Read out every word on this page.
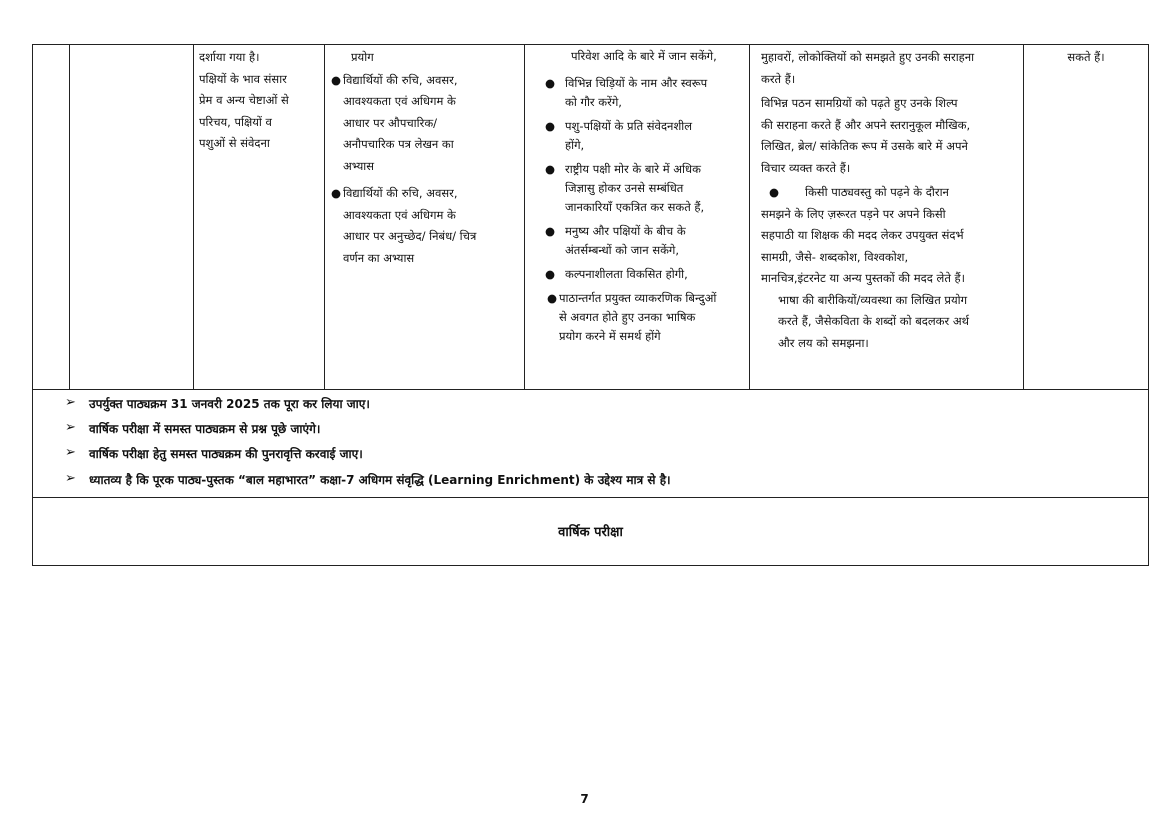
दर्शाया गया है।

पक्षियों के भाव संसार

प्रेम व अन्य चेष्टाओं से

परिचय, पक्षियों व

पशुओं से संवेदना

प्रयोग

● विद्यार्थियों की रुचि, अवसर,

आवश्यकता एवं अधिगम के

आधार पर औपचारिक/

अनौपचारिक पत्र लेखन का

अभ्यास

● विद्यार्थियों की रुचि, अवसर,

आवश्यकता एवं अधिगम के

आधार पर अनुच्छेद/ निबंध/ चित्र

वर्णन का अभ्यास

परिवेश आदि के बारे में जान सकेंगे,

● विभिन्न चिड़ियों के नाम और स्वरूप

को गौर करेंगे,

● पशु-पक्षियों के प्रति संवेदनशील

होंगे,

● राष्ट्रीय पक्षी मोर के बारे में अधिक

जिज्ञासु होकर उनसे सम्बंधित

जानकारियाँ एकत्रित कर सकते हैं,

● मनुष्य और पक्षियों के बीच के

अंतर्सम्बन्धों को जान सकेंगे,

● कल्पनाशीलता विकसित होगी,

● पाठान्तर्गत प्रयुक्त व्याकरणिक बिन्दुओं

से अवगत होते हुए उनका भाषिक

प्रयोग करने में समर्थ होंगे

मुहावरों, लोकोक्तियों को समझते हुए उनकी सराहना

करते हैं।

विभिन्न पठन सामग्रियों को पढ़ते हुए उनके शिल्प

की सराहना करते हैं और अपने स्तरानुकूल मौखिक,

लिखित, ब्रेल/ सांकेतिक रूप में उसके बारे में अपने

विचार व्यक्त करते हैं।

●	किसी पाठ्यवस्तु को पढ़ने के दौरान

समझने के लिए ज़रूरत पड़ने पर अपने किसी

सहपाठी या शिक्षक की मदद लेकर उपयुक्त संदर्भ

सामग्री, जैसे- शब्दकोश, विश्वकोश,

मानचित्र,इंटरनेट या अन्य पुस्तकों की मदद लेते हैं।

भाषा की बारीकियों/व्यवस्था का लिखित प्रयोग

करते हैं, जैसेकविता के शब्दों को बदलकर अर्थ

और लय को समझना।

सकते हैं।

➢ उपर्युक्त पाठ्यक्रम 31 जनवरी 2025 तक पूरा कर लिया जाए।
➢ वार्षिक परीक्षा में समस्त पाठ्यक्रम से प्रश्न पूछे जाएंगे।
➢ वार्षिक परीक्षा हेतु समस्त पाठ्यक्रम की पुनरावृत्ति करवाई जाए।
➢ ध्यातव्य है कि पूरक पाठ्य-पुस्तक “बाल महाभारत” कक्षा-7 अधिगम संवृद्धि (Learning Enrichment) के उद्देश्य मात्र से है।
वार्षिक परीक्षा
7
